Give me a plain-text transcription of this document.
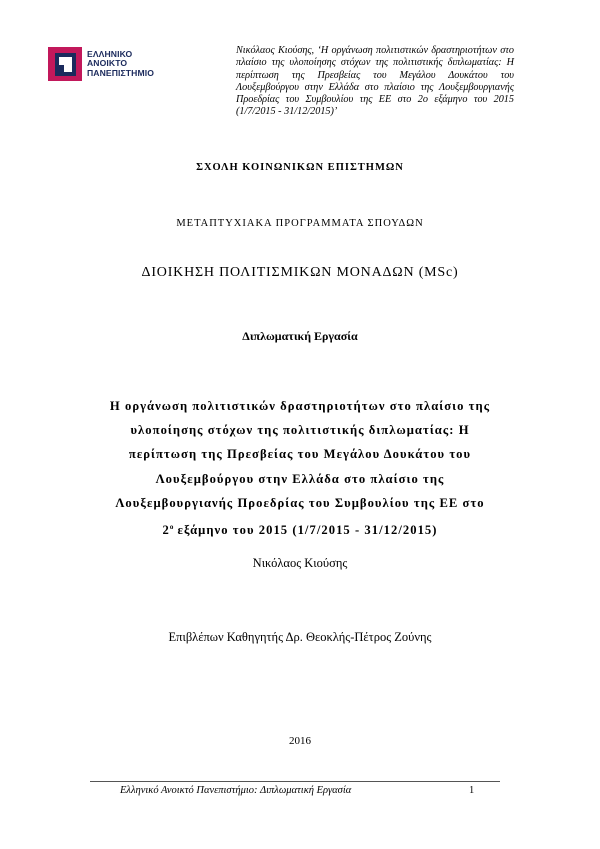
ΕΛΛΗΝΙΚΟ
ΑΝΟΙΚΤΟ
ΠΑΝΕΠΙΣΤΗΜΙΟ
Νικόλαος Κιούσης, ‘Η οργάνωση πολιτιστικών δραστηριοτήτων στο πλαίσιο της υλοποίησης στόχων της πολιτιστικής διπλωματίας: Η περίπτωση της Πρεσβείας του Μεγάλου Δουκάτου του Λουξεμβούργου στην Ελλάδα στο πλαίσιο της Λουξεμβουργιανής Προεδρίας του Συμβουλίου της ΕΕ στο 2ο εξάμηνο του 2015 (1/7/2015 - 31/12/2015)’
ΣΧΟΛΗ ΚΟΙΝΩΝΙΚΩΝ ΕΠΙΣΤΗΜΩΝ
ΜΕΤΑΠΤΥΧΙΑΚΑ ΠΡΟΓΡΑΜΜΑΤΑ ΣΠΟΥΔΩΝ
ΔΙΟΙΚΗΣΗ ΠΟΛΙΤΙΣΜΙΚΩΝ ΜΟΝΑΔΩΝ (MSc)
Διπλωματική Εργασία
Η οργάνωση πολιτιστικών δραστηριοτήτων στο πλαίσιο της
υλοποίησης στόχων της πολιτιστικής διπλωματίας: Η
περίπτωση της Πρεσβείας του Μεγάλου Δουκάτου του
Λουξεμβούργου στην Ελλάδα στο πλαίσιο της
Λουξεμβουργιανής Προεδρίας του Συμβουλίου της ΕΕ στο
$2^o$ εξάμηνο του 2015 (1/7/2015 - 31/12/2015)
Νικόλαος Κιούσης
Επιβλέπων Καθηγητής Δρ. Θεοκλής-Πέτρος Ζούνης
2016
Ελληνικό Ανοικτό Πανεπιστήμιο: Διπλωματική Εργασία	1
